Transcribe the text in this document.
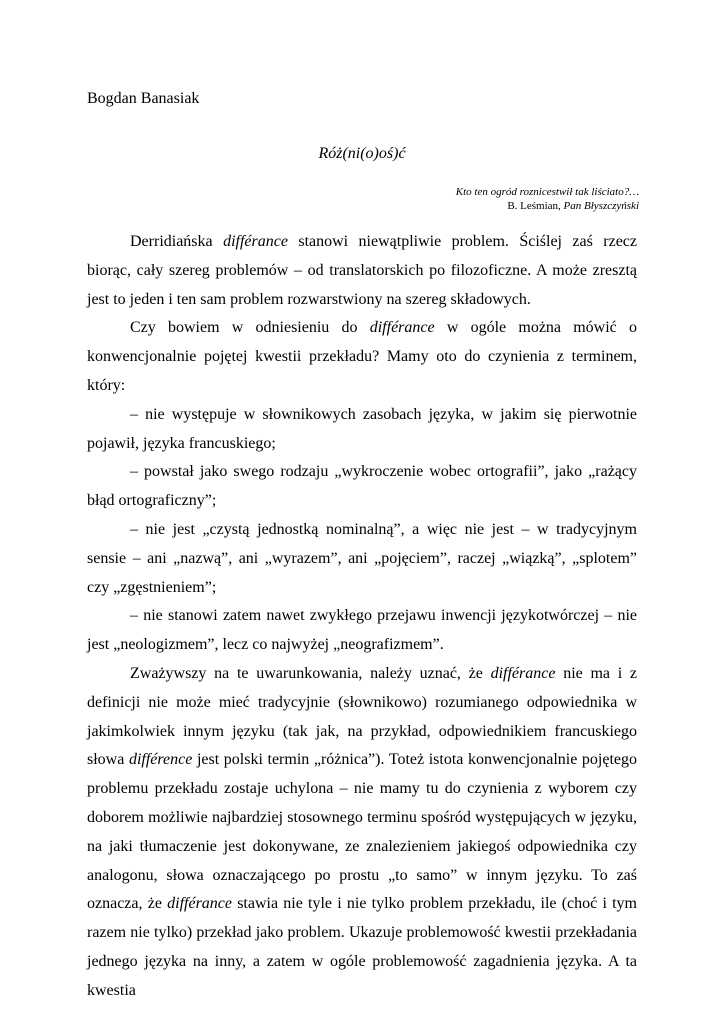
Bogdan Banasiak
Róż(ni(o)oś)ć
Kto ten ogród roznicestwił tak liściato?…
B. Leśmian, Pan Błyszczyński

Derridiańska différance stanowi niewątpliwie problem. Ściślej zaś rzecz biorąc, cały szereg problemów – od translatorskich po filozoficzne. A może zresztą jest to jeden i ten sam problem rozwarstwiony na szereg składowych.

Czy bowiem w odniesieniu do différance w ogóle można mówić o konwencjonalnie pojętej kwestii przekładu? Mamy oto do czynienia z terminem, który:

– nie występuje w słownikowych zasobach języka, w jakim się pierwotnie pojawił, języka francuskiego;

– powstał jako swego rodzaju „wykroczenie wobec ortografii”, jako „rażący błąd ortograficzny”;

– nie jest „czystą jednostką nominalną”, a więc nie jest – w tradycyjnym sensie – ani „nazwą”, ani „wyrazem”, ani „pojęciem”, raczej „wiązką”, „splotem” czy „zgęstnieniem”;

– nie stanowi zatem nawet zwykłego przejawu inwencji językotwórczej – nie jest „neologizmem”, lecz co najwyżej „neografizmem”.

Zważywszy na te uwarunkowania, należy uznać, że différance nie ma i z definicji nie może mieć tradycyjnie (słownikowo) rozumianego odpowiednika w jakimkolwiek innym języku (tak jak, na przykład, odpowiednikiem francuskiego słowa différence jest polski termin „różnica”). Toteż istota konwencjonalnie pojętego problemu przekładu zostaje uchylona – nie mamy tu do czynienia z wyborem czy doborem możliwie najbardziej stosownego terminu spośród występujących w języku, na jaki tłumaczenie jest dokonywane, ze znalezieniem jakiegoś odpowiednika czy analogonu, słowa oznaczającego po prostu „to samo” w innym języku. To zaś oznacza, że différance stawia nie tyle i nie tylko problem przekładu, ile (choć i tym razem nie tylko) przekład jako problem. Ukazuje problemowość kwestii przekładania jednego języka na inny, a zatem w ogóle problemowość zagadnienia języka. A ta kwestia
